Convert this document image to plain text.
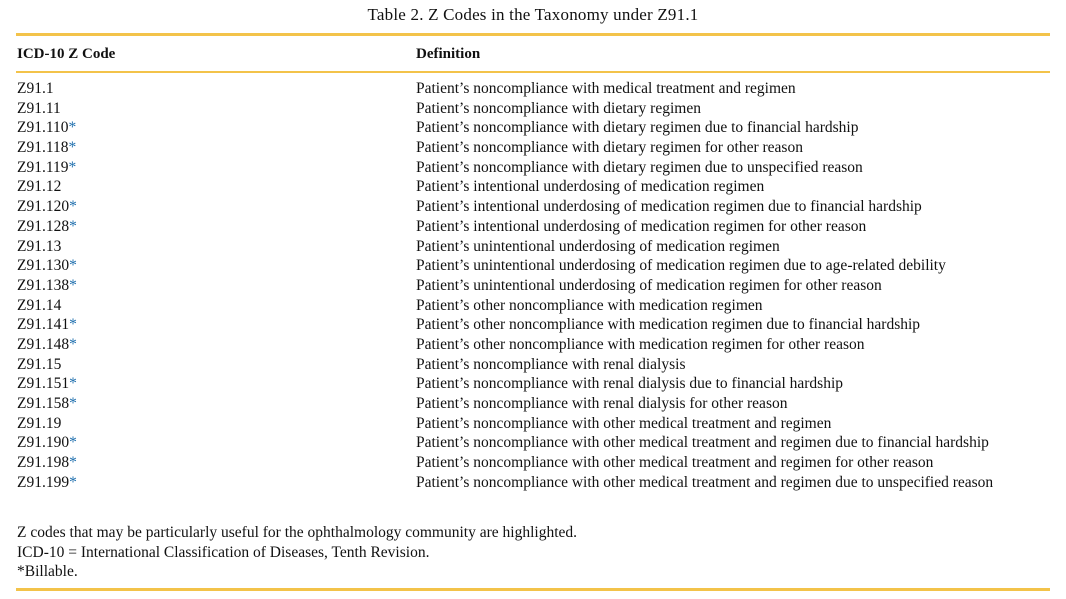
Table 2. Z Codes in the Taxonomy under Z91.1
ICD-10 Z Code	Definition
Z91.1	Patient’s noncompliance with medical treatment and regimen
Z91.11	Patient’s noncompliance with dietary regimen
Z91.110*	Patient’s noncompliance with dietary regimen due to financial hardship
Z91.118*	Patient’s noncompliance with dietary regimen for other reason
Z91.119*	Patient’s noncompliance with dietary regimen due to unspecified reason
Z91.12	Patient’s intentional underdosing of medication regimen
Z91.120*	Patient’s intentional underdosing of medication regimen due to financial hardship
Z91.128*	Patient’s intentional underdosing of medication regimen for other reason
Z91.13	Patient’s unintentional underdosing of medication regimen
Z91.130*	Patient’s unintentional underdosing of medication regimen due to age-related debility
Z91.138*	Patient’s unintentional underdosing of medication regimen for other reason
Z91.14	Patient’s other noncompliance with medication regimen
Z91.141*	Patient’s other noncompliance with medication regimen due to financial hardship
Z91.148*	Patient’s other noncompliance with medication regimen for other reason
Z91.15	Patient’s noncompliance with renal dialysis
Z91.151*	Patient’s noncompliance with renal dialysis due to financial hardship
Z91.158*	Patient’s noncompliance with renal dialysis for other reason
Z91.19	Patient’s noncompliance with other medical treatment and regimen
Z91.190*	Patient’s noncompliance with other medical treatment and regimen due to financial hardship
Z91.198*	Patient’s noncompliance with other medical treatment and regimen for other reason
Z91.199*	Patient’s noncompliance with other medical treatment and regimen due to unspecified reason
Z codes that may be particularly useful for the ophthalmology community are highlighted.
ICD-10 = International Classification of Diseases, Tenth Revision.
*Billable.
